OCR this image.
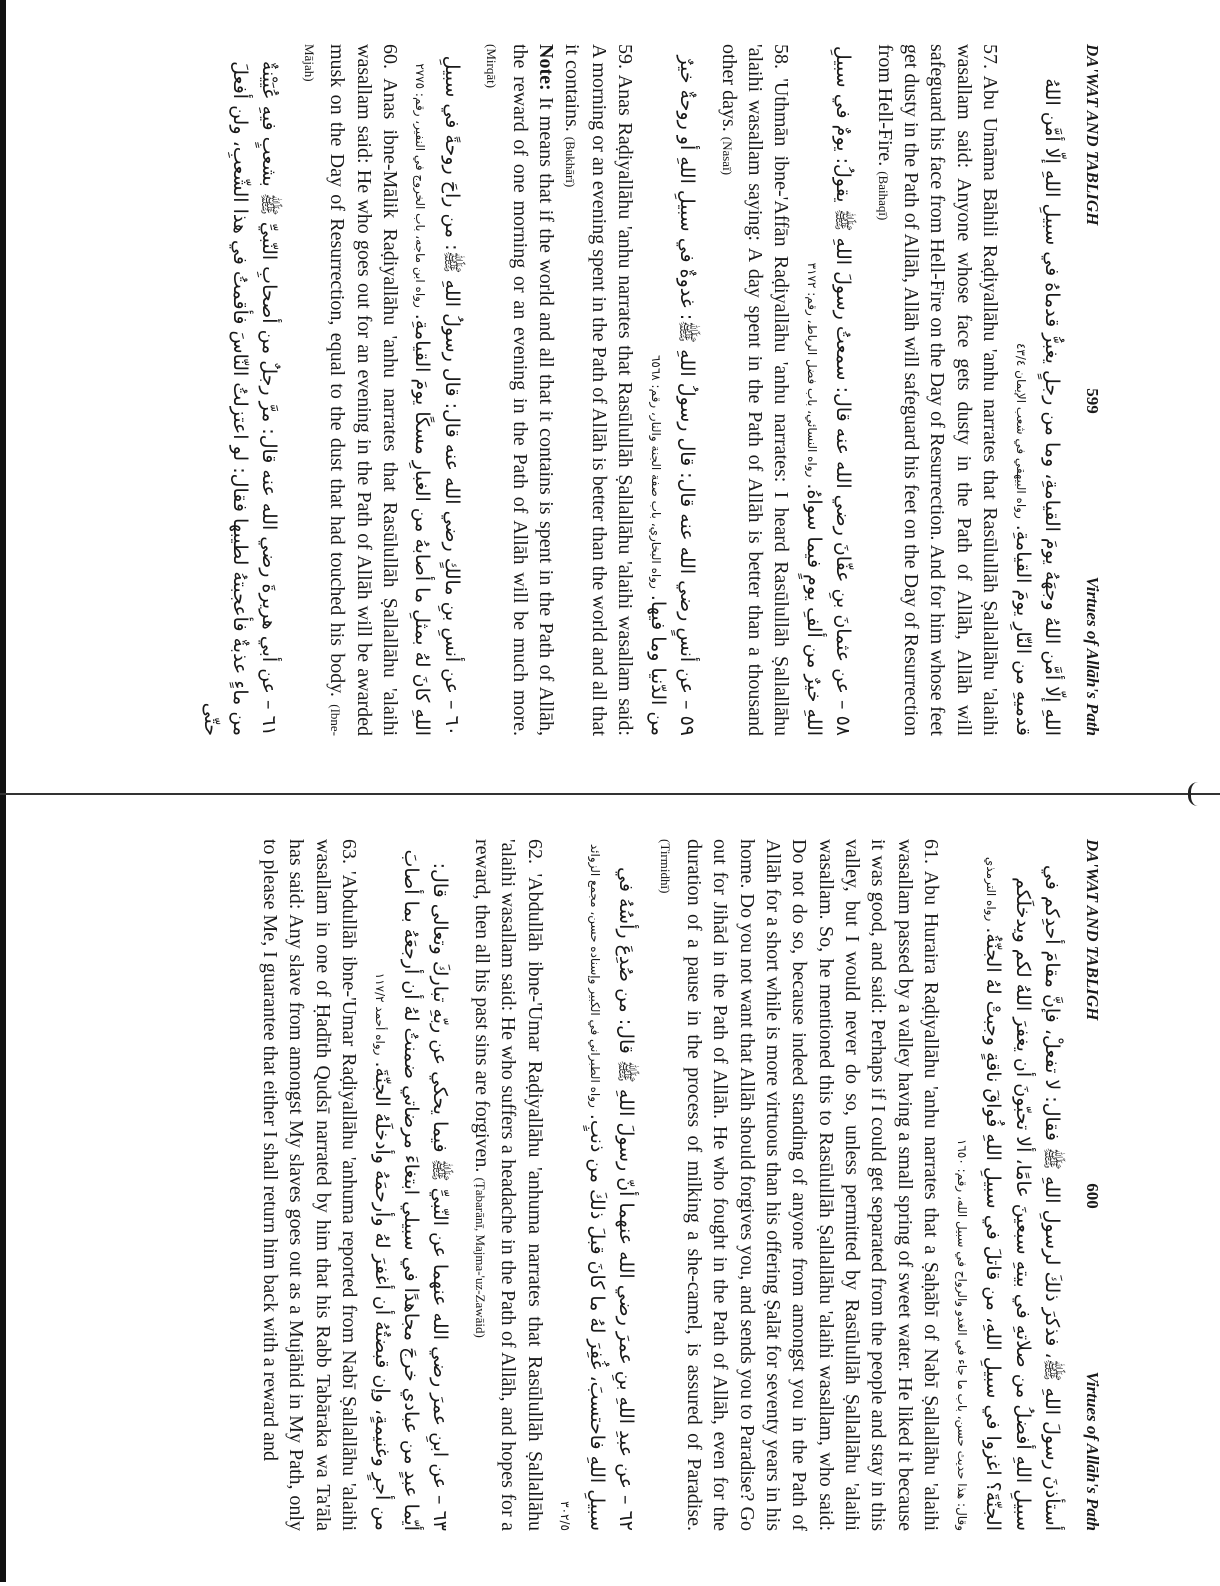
DA'WAT AND TABLIGH
599
Virtues of Allāh's Path

اللهِ إلّا أمَّن اللهُ وجهَهُ يومَ القيامةِ، وما من رجلٍ يغبرُّ قدماهُ في سبيلِ اللهِ إلّا أمَّن اللهُ قدميهِ من النّارِ يومَ القيامةِ. رواه البيهقي في شعب الإيمان ٤٣/٤

57. Abu Umāma Bāhili Raḍiyallāhu 'anhu narrates that Rasūlullāh Ṣallallāhu 'alaihi wasallam said: Anyone whose face gets dusty in the Path of Allāh, Allāh will safeguard his face from Hell-Fire on the Day of Resurrection. And for him whose feet get dusty in the Path of Allāh, Allāh will safeguard his feet on the Day of Resurrection from Hell-Fire. (Baihaqī)

٥٨ – عن عثمانَ بنِ عفّانَ رضي الله عنه قال: سمعتُ رسولَ اللهِ ﷺ يقولُ: يومٌ في سبيلِ اللهِ خيرٌ من ألفِ يومٍ فيما سواهُ. رواه النسائي، باب فضل الرباط، رقم: ٣١٧٢

58. 'Uthmān ibne-'Affān Raḍiyallāhu 'anhu narrates: I heard Rasūlullāh Ṣallallāhu 'alaihi wasallam saying: A day spent in the Path of Allāh is better than a thousand other days. (Nasaī)

٥٩ – عن أنسٍ رضي الله عنه قال: قال رسولُ اللهِ ﷺ: غدوةٌ في سبيلِ اللهِ أو روحةٌ خيرٌ من الدّنيا وما فيها. رواه البخاري، باب صفة الجنة والنار، رقم: ٦٥٦٨

59. Anas Raḍiyallāhu 'anhu narrates that Rasūlullāh Ṣallallāhu 'alaihi wasallam said: A morning or an evening spent in the Path of Allāh is better than the world and all that it contains. (Bukhārī)
Note: It means that if the world and all that it contains is spent in the Path of Allāh, the reward of one morning or an evening in the Path of Allāh will be much more. (Mirqāt)

٦٠ – عن أنسِ بنِ مالكٍ رضي الله عنه قال: قال رسولُ اللهِ ﷺ: من راحَ روحةً في سبيلِ اللهِ كانَ لهُ بمثلِ ما أصابهُ من الغبارِ مسكًا يومَ القيامةِ. رواه ابن ماجه، باب الخروج في النفير، رقم: ٢٧٧٥

60. Anas ibne-Mālik Raḍiyallāhu 'anhu narrates that Rasūlullāh Ṣallallāhu 'alaihi wasallam said: He who goes out for an evening in the Path of Allāh will be awarded musk on the Day of Resurrection, equal to the dust that had touched his body. (Ibne-Mājah)

٦١ – عن أبي هريرةَ رضي الله عنه قال: مرَّ رجلٌ من أصحابِ النّبيِّ ﷺ بشعبٍ فيهِ عُيَيْنةٌ من ماءٍ عذبةٌ فأعجبتهُ لطيبها فقال: لو اعتزلتُ النّاسَ فأقمتُ في هذا الشّعبِ، ولن أفعلَ حتّى

DA'WAT AND TABLIGH
600
Virtues of Allāh's Path

أستأذنَ رسولَ اللهِ ﷺ، فذكرَ ذلكَ لرسولِ اللهِ ﷺ فقال: لا تفعلْ، فإنَّ مقامَ أحدِكم في سبيلِ اللهِ أفضلُ من صلاتهِ في بيتهِ سبعينَ عامًا، ألا تحبّونَ أن يغفرَ اللهُ لكم ويدخلَكم الجنّةَ؟ اغزوا في سبيلِ اللهِ، من قاتلَ في سبيلِ اللهِ فُواقَ ناقةٍ وجبتْ لهُ الجنّةُ. رواه الترمذي وقال: هذا حديث حسن، باب ما جاء في الغدو والرواح في سبيل الله، رقم: ١٦٥٠

61. Abu Huraira Raḍiyallāhu 'anhu narrates that a Ṣaḥābī of Nabī Ṣallallāhu 'alaihi wasallam passed by a valley having a small spring of sweet water. He liked it because it was good, and said: Perhaps if I could get separated from the people and stay in this valley, but I would never do so, unless permitted by Rasūlullāh Ṣallallāhu 'alaihi wasallam. So, he mentioned this to Rasūlullāh Ṣallallāhu 'alaihi wasallam, who said: Do not do so, because indeed standing of anyone from amongst you in the Path of Allāh for a short while is more virtuous than his offering Ṣalāt for seventy years in his home. Do you not want that Allāh should forgives you, and sends you to Paradise? Go out for Jihād in the Path of Allāh. He who fought in the Path of Allāh, even for the duration of a pause in the process of milking a she-camel, is assured of Paradise. (Tirmidhī)

٦٢ – عن عبدِ اللهِ بنِ عمرَ رضي الله عنهما أنّ رسولَ اللهِ ﷺ قال: من صُدِعَ رأسُهُ في سبيلِ اللهِ فاحتسبَ، غُفِرَ لهُ ما كانَ قبلَ ذلكَ من ذنبٍ. رواه الطبراني في الكبير وإسناده حسن، مجمع الزوائد ٣٠٢/٥

62. 'Abdullāh ibne-'Umar Raḍiyallāhu 'anhuma narrates that Rasūlullāh Ṣallallāhu 'alaihi wasallam said: He who suffers a headache in the Path of Allāh, and hopes for a reward, then all his past sins are forgiven. (Ṭabarānī, Majma-'uz-Zawāid)

٦٣ – عن ابنِ عمرَ رضي الله عنهما عن النّبيِّ ﷺ فيما يحكي عن ربّهِ تباركَ وتعالى قال: أيّما عبدٍ من عبادي خرجَ مجاهدًا في سبيلي ابتغاءَ مرضاتي ضمنتُ لهُ أن أرجعَهُ بما أصابَ من أجرٍ وغنيمةٍ، وإن قبضتُهُ أن أغفرَ لهُ وأرحمَهُ وأدخلَهُ الجنّةَ. رواه أحمد ١١٧/٢

63. 'Abdullāh ibne-'Umar Raḍiyallāhu 'anhuma reported from Nabī Ṣallallāhu 'alaihi wasallam in one of Ḥadīth Qudsī narrated by him that his Rabb Tabāraka wa Ta'āla has said: Any slave from amongst My slaves goes out as a Mujāhid in My Path, only to please Me, I guarantee that either I shall return him back with a reward and
